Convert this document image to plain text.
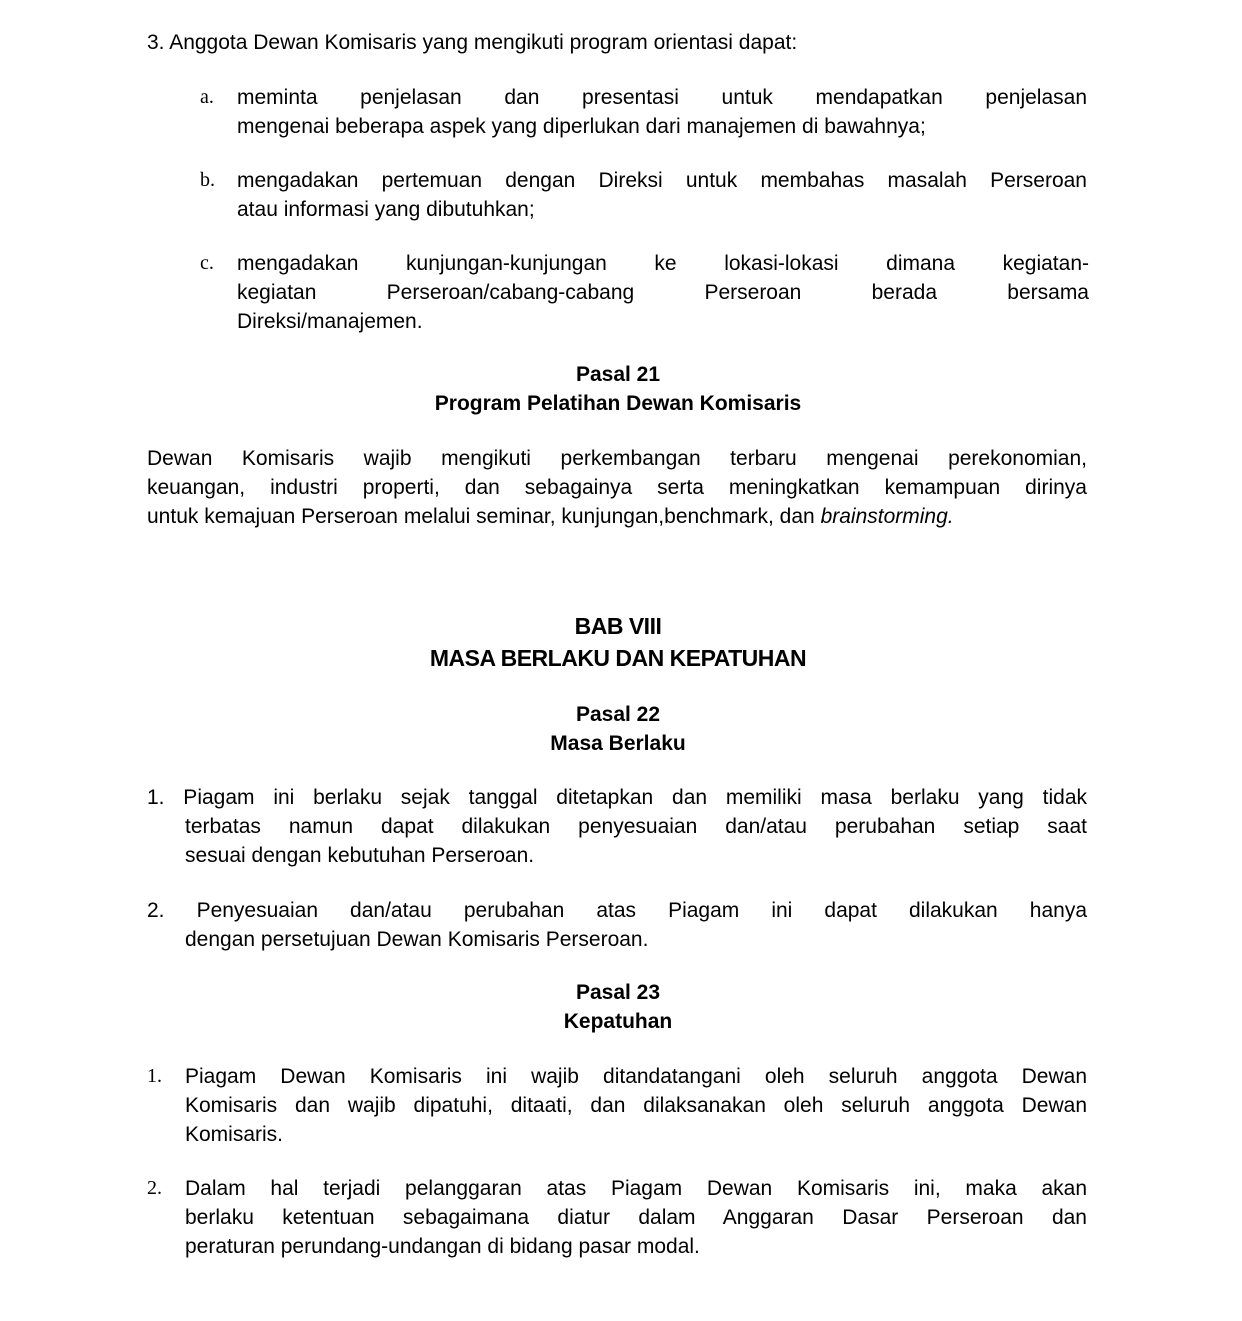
3. Anggota Dewan Komisaris yang mengikuti program orientasi dapat:
a. meminta penjelasan dan presentasi untuk mendapatkan penjelasan
mengenai beberapa aspek yang diperlukan dari manajemen di bawahnya;
b. mengadakan pertemuan dengan Direksi untuk membahas masalah Perseroan
atau informasi yang dibutuhkan;
c. mengadakan kunjungan-kunjungan ke lokasi-lokasi dimana kegiatan-
kegiatan Perseroan/cabang-cabang Perseroan berada bersama
Direksi/manajemen.
Pasal 21
Program Pelatihan Dewan Komisaris
Dewan Komisaris wajib mengikuti perkembangan terbaru mengenai perekonomian,
keuangan, industri properti, dan sebagainya serta meningkatkan kemampuan dirinya
untuk kemajuan Perseroan melalui seminar, kunjungan,benchmark, dan brainstorming.
BAB VIII
MASA BERLAKU DAN KEPATUHAN
Pasal 22
Masa Berlaku
1. Piagam ini berlaku sejak tanggal ditetapkan dan memiliki masa berlaku yang tidak
terbatas namun dapat dilakukan penyesuaian dan/atau perubahan setiap saat
sesuai dengan kebutuhan Perseroan.
2. Penyesuaian dan/atau perubahan atas Piagam ini dapat dilakukan hanya
dengan persetujuan Dewan Komisaris Perseroan.
Pasal 23
Kepatuhan
1. Piagam Dewan Komisaris ini wajib ditandatangani oleh seluruh anggota Dewan
Komisaris dan wajib dipatuhi, ditaati, dan dilaksanakan oleh seluruh anggota Dewan
Komisaris.
2. Dalam hal terjadi pelanggaran atas Piagam Dewan Komisaris ini, maka akan
berlaku ketentuan sebagaimana diatur dalam Anggaran Dasar Perseroan dan
peraturan perundang-undangan di bidang pasar modal.
